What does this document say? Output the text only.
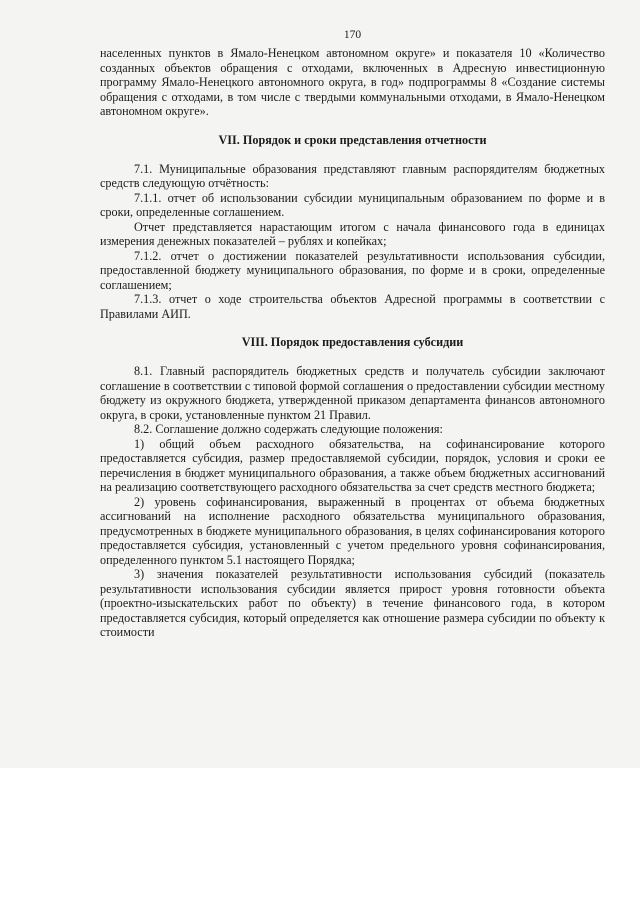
170

населенных пунктов в Ямало-Ненецком автономном округе» и показателя 10 «Количество созданных объектов обращения с отходами, включенных в Адресную инвестиционную программу Ямало-Ненецкого автономного округа, в год» подпрограммы 8 «Создание системы обращения с отходами, в том числе с твердыми коммунальными отходами, в Ямало-Ненецком автономном округе».

VII. Порядок и сроки представления отчетности

7.1. Муниципальные образования представляют главным распорядителям бюджетных средств следующую отчётность:

7.1.1. отчет об использовании субсидии муниципальным образованием по форме и в сроки, определенные соглашением.

Отчет представляется нарастающим итогом с начала финансового года в единицах измерения денежных показателей – рублях и копейках;

7.1.2. отчет о достижении показателей результативности использования субсидии, предоставленной бюджету муниципального образования, по форме и в сроки, определенные соглашением;

7.1.3. отчет о ходе строительства объектов Адресной программы в соответствии с Правилами АИП.

VIII. Порядок предоставления субсидии

8.1. Главный распорядитель бюджетных средств и получатель субсидии заключают соглашение в соответствии с типовой формой соглашения о предоставлении субсидии местному бюджету из окружного бюджета, утвержденной приказом департамента финансов автономного округа, в сроки, установленные пунктом 21 Правил.

8.2. Соглашение должно содержать следующие положения:

1) общий объем расходного обязательства, на софинансирование которого предоставляется субсидия, размер предоставляемой субсидии, порядок, условия и сроки ее перечисления в бюджет муниципального образования, а также объем бюджетных ассигнований на реализацию соответствующего расходного обязательства за счет средств местного бюджета;

2) уровень софинансирования, выраженный в процентах от объема бюджетных ассигнований на исполнение расходного обязательства муниципального образования, предусмотренных в бюджете муниципального образования, в целях софинансирования которого предоставляется субсидия, установленный с учетом предельного уровня софинансирования, определенного пунктом 5.1 настоящего Порядка;

3) значения показателей результативности использования субсидий (показатель результативности использования субсидии является прирост уровня готовности объекта (проектно-изыскательских работ по объекту) в течение финансового года, в котором предоставляется субсидия, который определяется как отношение размера субсидии по объекту к стоимости
